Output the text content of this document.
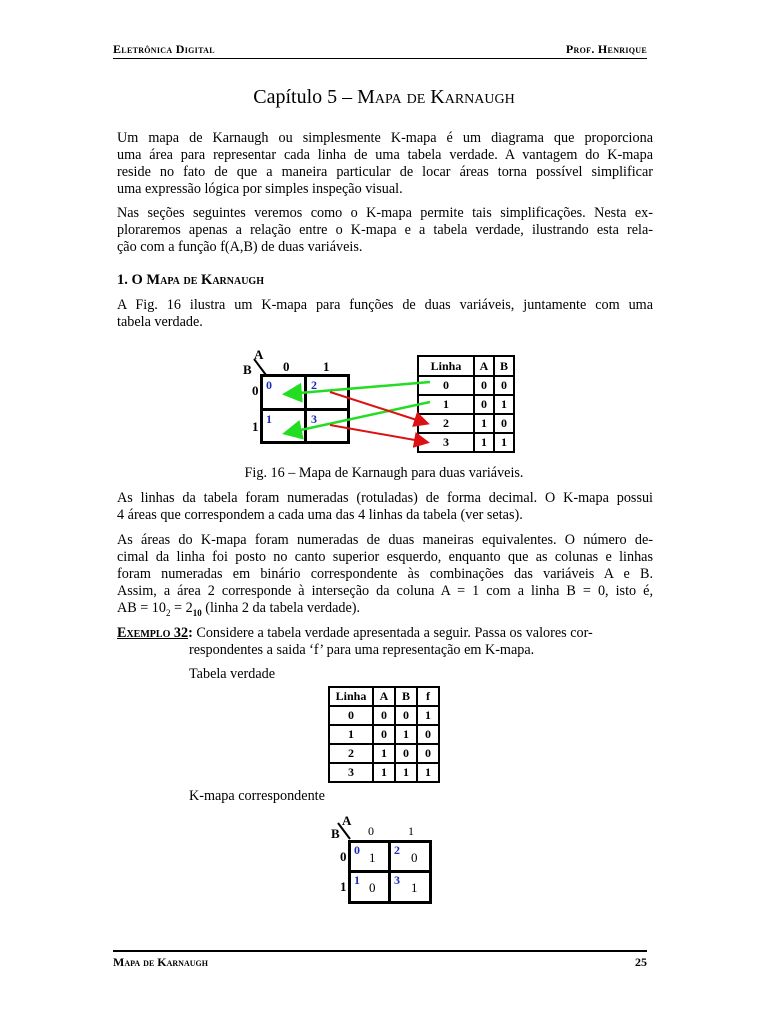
Eletrônica Digital	Prof. Henrique
Capítulo 5 – Mapa de Karnaugh
Um mapa de Karnaugh ou simplesmente K-mapa é um diagrama que proporciona
uma área para representar cada linha de uma tabela verdade. A vantagem do K-mapa
reside no fato de que a maneira particular de locar áreas torna possível simplificar
uma expressão lógica por simples inspeção visual.
Nas seções seguintes veremos como o K-mapa permite tais simplificações. Nesta ex-
ploraremos apenas a relação entre o K-mapa e a tabela verdade, ilustrando esta rela-
ção com a função f(A,B) de duas variáveis.
1. O Mapa de Karnaugh
A Fig. 16 ilustra um K-mapa para funções de duas variáveis, juntamente com uma
tabela verdade.
A
B 0	1
0
1
0	2
1	3
Linha	A	B
0	0	0
1	0	1
2	1	0
3	1	1
Fig. 16 – Mapa de Karnaugh para duas variáveis.
As linhas da tabela foram numeradas (rotuladas) de forma decimal. O K-mapa possui
4 áreas que correspondem a cada uma das 4 linhas da tabela (ver setas).
As áreas do K-mapa foram numeradas de duas maneiras equivalentes. O número de-
cimal da linha foi posto no canto superior esquerdo, enquanto que as colunas e linhas
foram numeradas em binário correspondente às combinações das variáveis A e B.
Assim, a área 2 corresponde à interseção da coluna A = 1 com a linha B = 0, isto é,
AB = $10_2 = 2_{10}$ (linha 2 da tabela verdade).
Exemplo 32: Considere a tabela verdade apresentada a seguir. Passa os valores cor-
respondentes a saida ‘f’ para uma representação em K-mapa.
Tabela verdade
Linha	A	B	f
0	0	0	1
1	0	1	0
2	1	0	0
3	1	1	1
K-mapa correspondente
A
B 0	1
0
1
0 1 2 0
1 0 3 1
Mapa de Karnaugh	25
